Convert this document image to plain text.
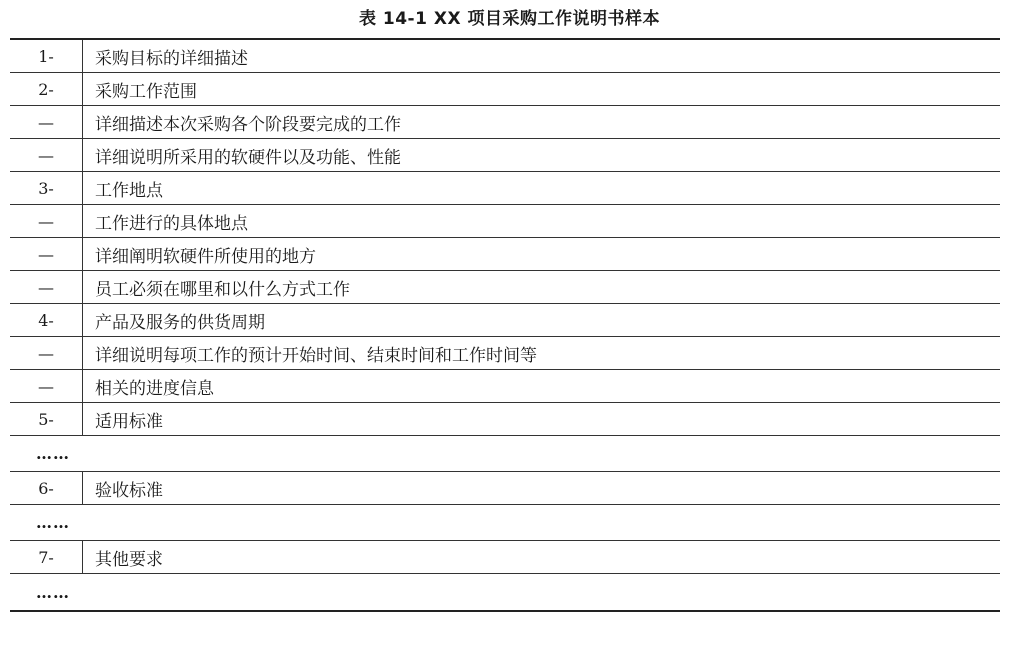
表 14-1 XX 项目采购工作说明书样本
1-	采购目标的详细描述
2-	采购工作范围
—	详细描述本次采购各个阶段要完成的工作
—	详细说明所采用的软硬件以及功能、性能
3-	工作地点
—	工作进行的具体地点
—	详细阐明软硬件所使用的地方
—	员工必须在哪里和以什么方式工作
4-	产品及服务的供货周期
—	详细说明每项工作的预计开始时间、结束时间和工作时间等
—	相关的进度信息
5-	适用标准
……
6-	验收标准
……
7-	其他要求
……
